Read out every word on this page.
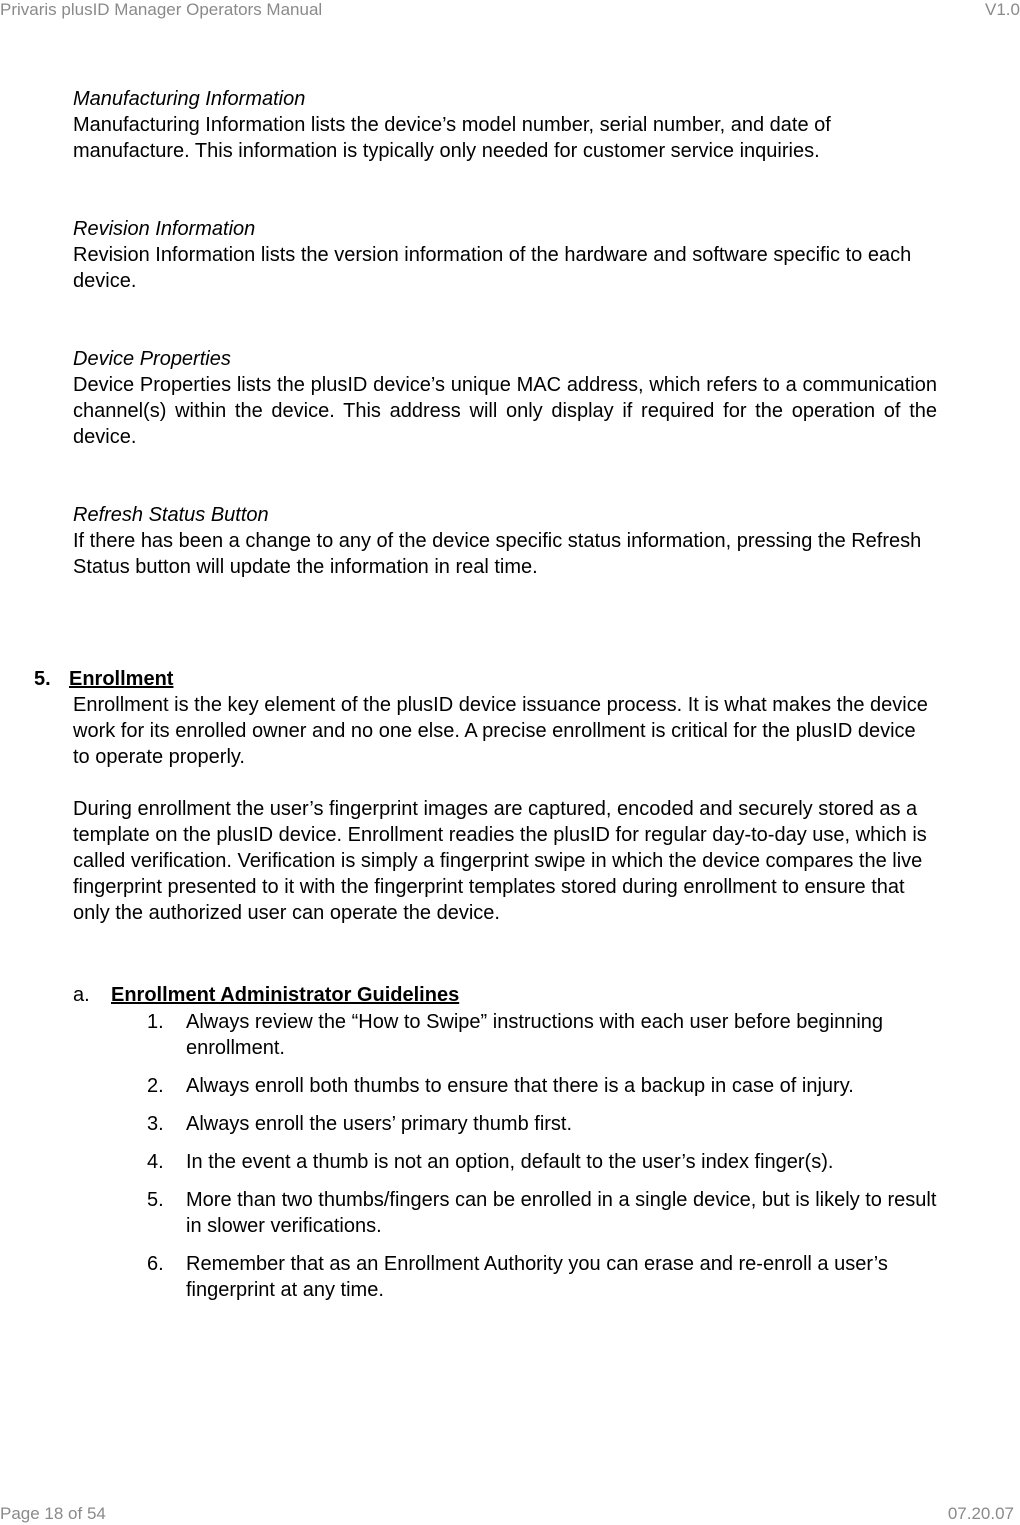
Privaris plusID Manager Operators Manual	V1.0
Manufacturing Information
Manufacturing Information lists the device’s model number, serial number, and date of manufacture. This information is typically only needed for customer service inquiries.
Revision Information
Revision Information lists the version information of the hardware and software specific to each device.
Device Properties
Device Properties lists the plusID device’s unique MAC address, which refers to a communication channel(s) within the device. This address will only display if required for the operation of the device.
Refresh Status Button
If there has been a change to any of the device specific status information, pressing the Refresh Status button will update the information in real time.
5. Enrollment

Enrollment is the key element of the plusID device issuance process. It is what makes the device work for its enrolled owner and no one else. A precise enrollment is critical for the plusID device to operate properly.

During enrollment the user’s fingerprint images are captured, encoded and securely stored as a template on the plusID device. Enrollment readies the plusID for regular day-to-day use, which is called verification. Verification is simply a fingerprint swipe in which the device compares the live fingerprint presented to it with the fingerprint templates stored during enrollment to ensure that only the authorized user can operate the device.

a. Enrollment Administrator Guidelines
1. Always review the “How to Swipe” instructions with each user before beginning enrollment.
2. Always enroll both thumbs to ensure that there is a backup in case of injury.
3. Always enroll the users’ primary thumb first.
4. In the event a thumb is not an option, default to the user’s index finger(s).
5. More than two thumbs/fingers can be enrolled in a single device, but is likely to result in slower verifications.
6. Remember that as an Enrollment Authority you can erase and re-enroll a user’s fingerprint at any time.
Page 18 of 54	07.20.07
